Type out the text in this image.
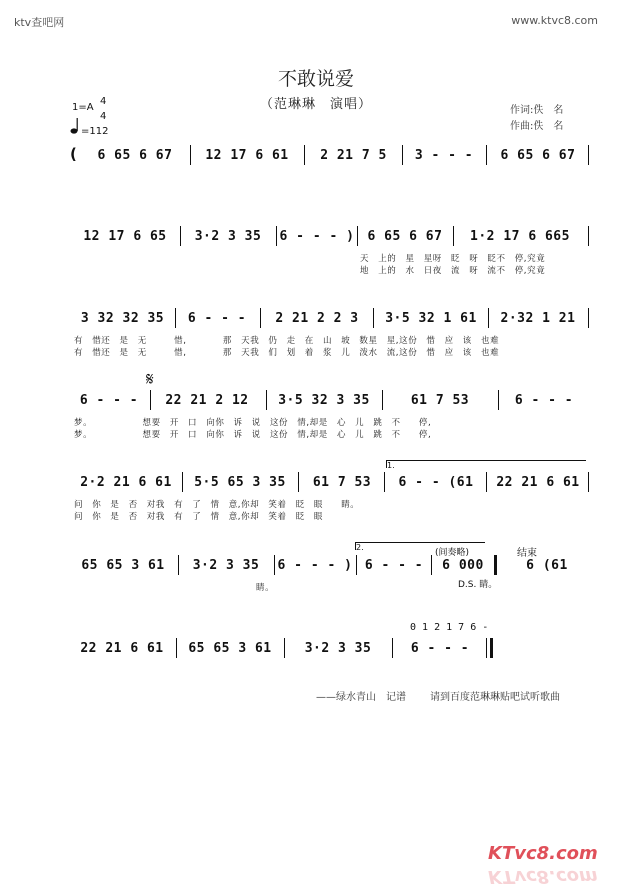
ktv查吧网	www.ktvc8.com
不敢说爱
（范琳琳　演唱）
1=A
4
4
=112
作词:佚　名
作曲:佚　名
(	6 65 6 67	12 17 6 61	2 21 7 5	3 - - -	6 65 6 67
12 17 6 65	3·2 3 35	6 - - - )	6 65 6 67	1·2 17 6 665
天　上的　星　星呀　眨　呀　眨不　停,究竟
地　上的　水　日夜　流　呀　流不　停,究竟
3 32 32 35	6 - - -	2 21 2 2 3	3·5 32 1 61	2·32 1 21
有　惜还　是　无　　　惜,　　　　那　天我　仍　走　在　山　坡　数星　星,这份　惜　应　该　也难
有　惜还　是　无　　　惜,　　　　那　天我　们　划　着　浆　儿　泼水　流,这份　惜　应　该　也难
𝄋
6 - - -	22 21 2 12	3·5 32 3 35	61 7 53	6 - - -
梦。　　　　　　想要　开　口　向你　诉　说　这份　情,却是　心　儿　跳　不　　停,
梦。　　　　　　想要　开　口　向你　诉　说　这份　情,却是　心　儿　跳　不　　停,
1.
2·2 21 6 61	5·5 65 3 35	61 7 53	6 - - (61	22 21 6 61
问　你　是　否　对我　有　了　情　意,你却　笑着　眨　眼　　睛。
问　你　是　否　对我　有　了　情　意,你却　笑着　眨　眼
2.
(间奏略)	结束
65 65 3 61	3·2 3 35	6 - - - ) 6 - - -	6 000	6 (61
　　　　　　　　　　　　　　　　　　　　睛。	D.S. 睛。
0 1 2 1 7 6 -
22 21 6 61	65 65 3 61	3·2 3 35	6 - - -
——绿水青山　记谱 请到百度范琳琳贴吧试听歌曲
KTvc8.com
KTvc8.com
